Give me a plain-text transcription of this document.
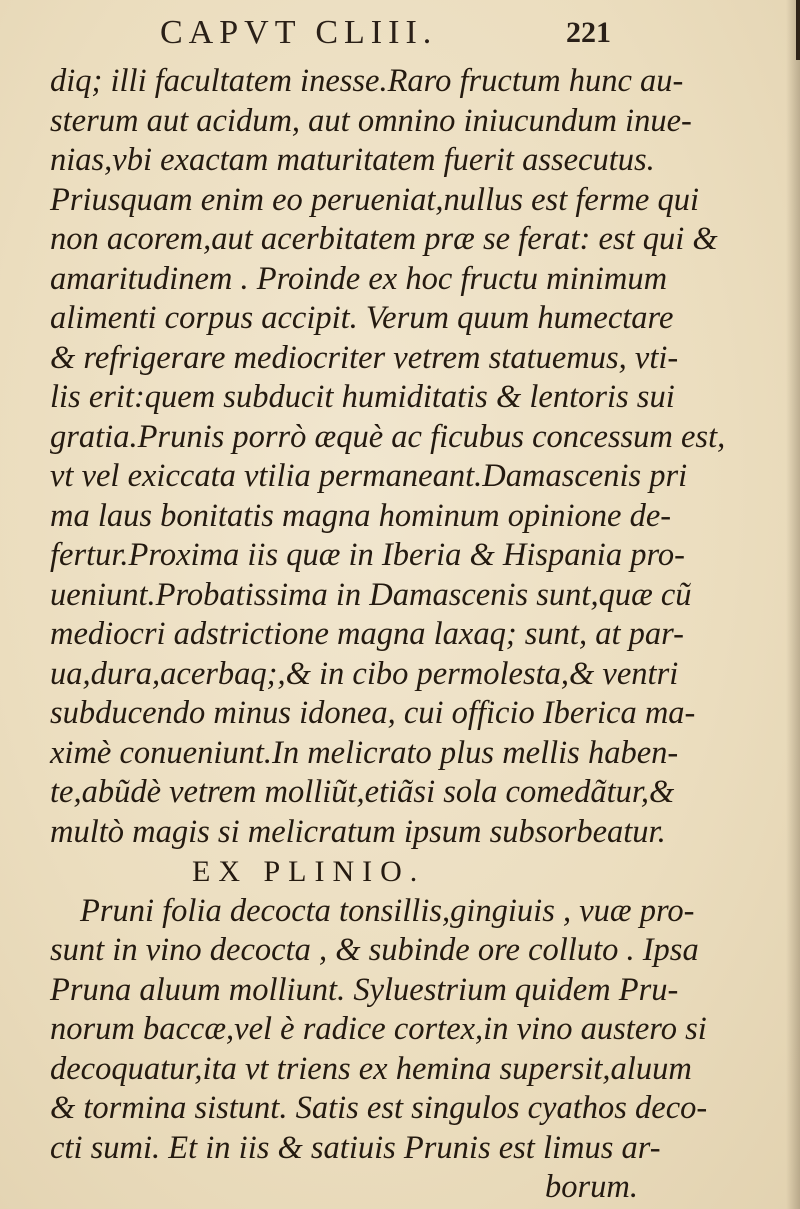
CAPVT CLIII.	221
diq; illi facultatem inesse.Raro fructum hunc au-
sterum aut acidum, aut omnino iniucundum inue-
nias,vbi exactam maturitatem fuerit assecutus.
Priusquam enim eo perueniat,nullus est ferme qui
non acorem,aut acerbitatem præ se ferat: est qui &
amaritudinem . Proinde ex hoc fructu minimum
alimenti corpus accipit. Verum quum humectare
& refrigerare mediocriter vetrem statuemus, vti-
lis erit:quem subducit humiditatis & lentoris sui
gratia.Prunis porrò æquè ac ficubus concessum est,
vt vel exiccata vtilia permaneant.Damascenis pri
ma laus bonitatis magna hominum opinione de-
fertur.Proxima iis quæ in Iberia & Hispania pro-
ueniunt.Probatissima in Damascenis sunt,quæ cũ
mediocri adstrictione magna laxaq; sunt, at par-
ua,dura,acerbaq;,& in cibo permolesta,& ventri
subducendo minus idonea, cui officio Iberica ma-
ximè conueniunt.In melicrato plus mellis haben-
te,abũdè vetrem molliũt,etiãsi sola comedãtur,&
multò magis si melicratum ipsum subsorbeatur.
EX PLINIO.
Pruni folia decocta tonsillis,gingiuis , vuæ pro-
sunt in vino decocta , & subinde ore colluto . Ipsa
Pruna aluum molliunt. Syluestrium quidem Pru-
norum baccæ,vel è radice cortex,in vino austero si
decoquatur,ita vt triens ex hemina supersit,aluum
& tormina sistunt. Satis est singulos cyathos deco-
cti sumi. Et in iis & satiuis Prunis est limus ar-
borum.
